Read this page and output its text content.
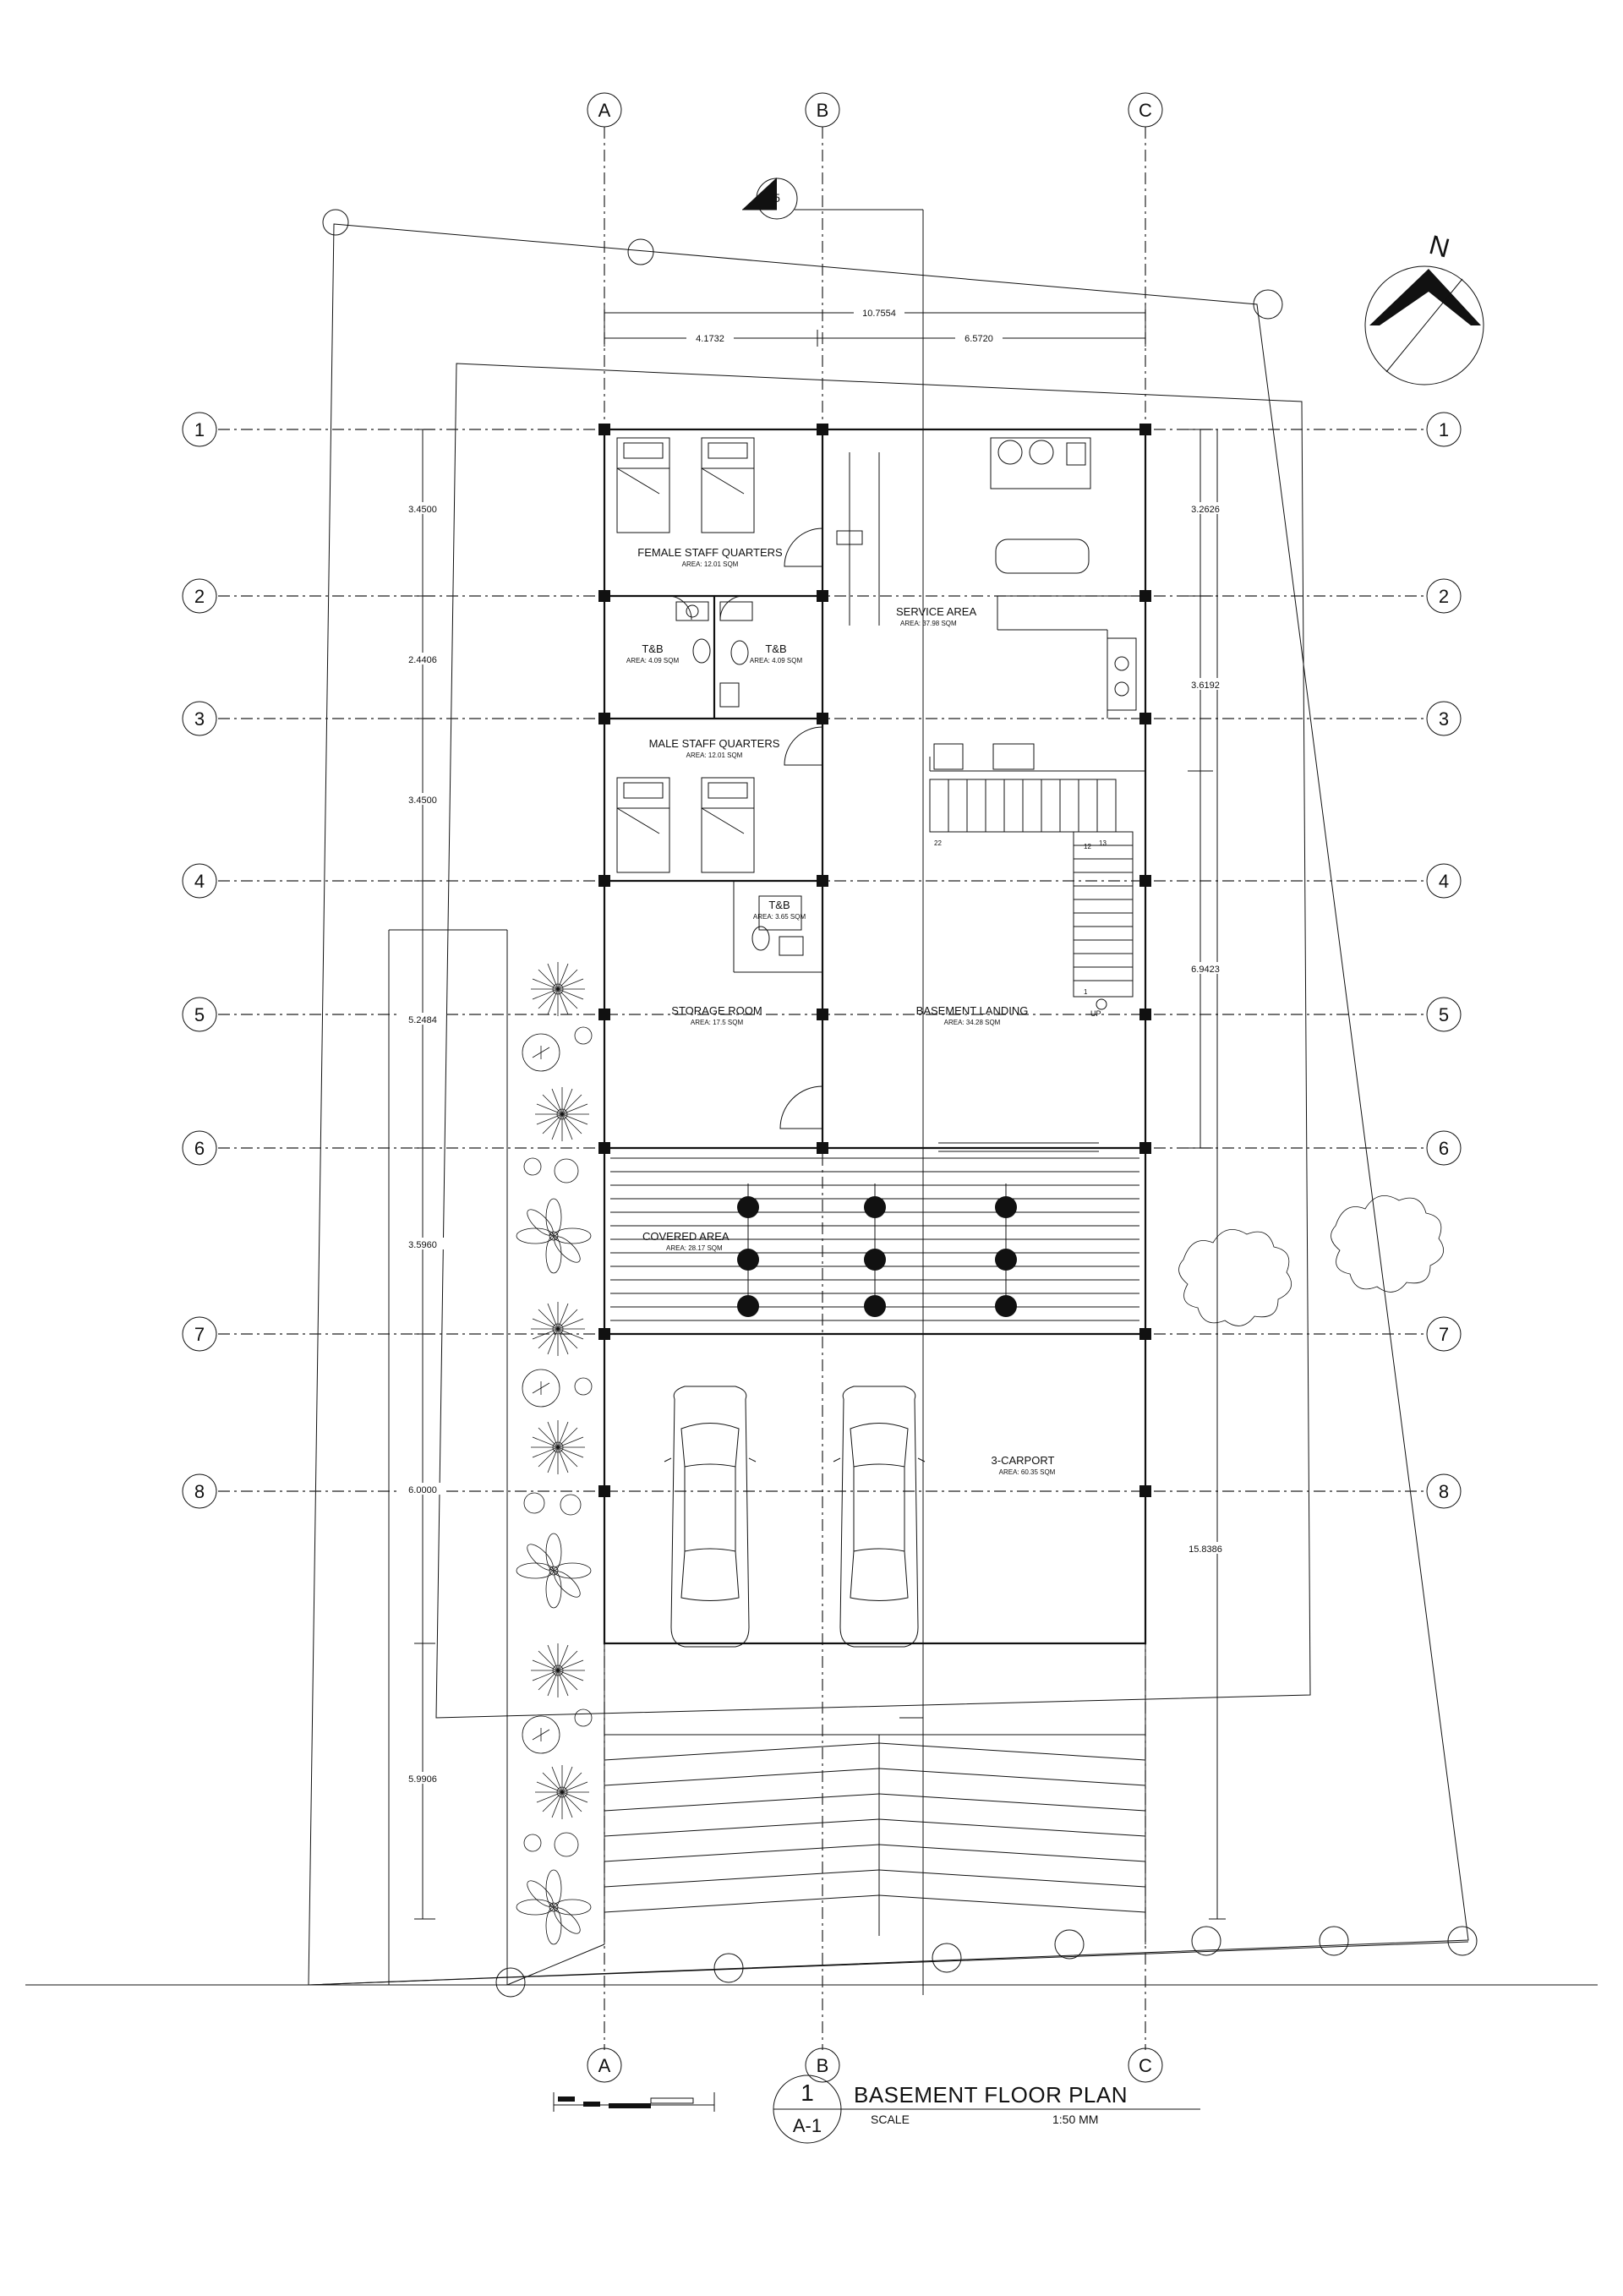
A	B	C
A	B	C
1
2
3
4
5
6
7
8
1
2
3
4
5
6
7
8
5
N
10.7554
4.1732	6.5720
3.4500
2.4406
3.4500
5.2484
3.5960
6.0000
5.9906
3.2626
3.6192
6.9423
15.8386
UP
1
12 13
22
FEMALE STAFF QUARTERS
AREA: 12.01 SQM
T&B
AREA: 4.09 SQM
T&B
AREA: 4.09 SQM
SERVICE AREA
AREA: 37.98 SQM
MALE STAFF QUARTERS
AREA: 12.01 SQM
T&B
AREA: 3.65 SQM
STORAGE ROOM
AREA: 17.5 SQM
BASEMENT LANDING
AREA: 34.28 SQM
COVERED AREA
AREA: 28.17 SQM
3-CARPORT
AREA: 60.35 SQM
1
A-1
BASEMENT FLOOR PLAN
SCALE	1:50 MM
